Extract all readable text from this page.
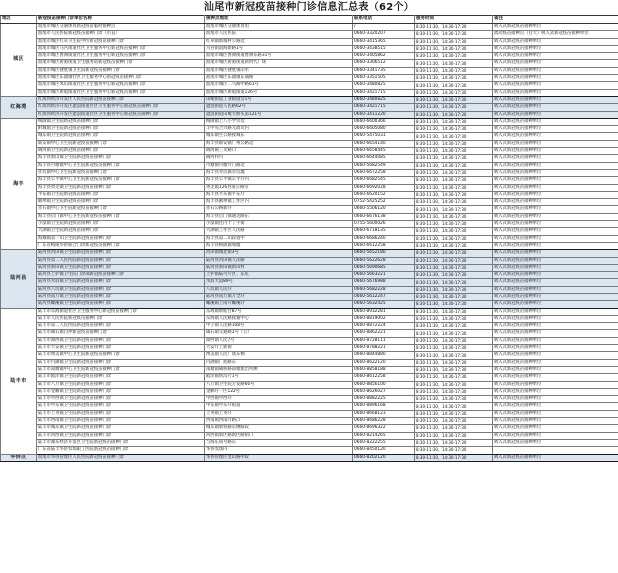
汕尾市新冠疫苗接种门诊信息汇总表（62个）
地区	新冠疫苗接种门诊单位名称	接种点地址	联系电话	服务时间	备注
城区	汕尾市城区交通体育新冠疫苗临时接种点	汕尾市城区交通体育馆	/	8:30-11:30、14:30-17:30	吸入式新冠疫苗接种单位
	汕尾市人民医院新冠疫苗接种门诊（市直）	汕尾市人民医院	0660-3320207	8:30-11:30、14:30-17:30	流动疫苗接种点（白天）吸入式新冠疫苗接种单位
	汕尾市城区红草卫生院中医新冠疫苗接种门诊	红草镇新埔村公路边	0660-3415365	8:30-11:30、14:30-17:30	吸入式新冠疫苗接种单位
	汕尾市城区马宫街道社区卫生服务中心新冠疫苗接种门诊	马宫街道海新路1号	0660-3438515	8:30-11:30、14:30-17:30	吸入式新冠疫苗接种单位
	汕尾市城区香洲街道社区卫生服务中心新冠疫苗接种门诊	汕尾市城区香洲街道香洲东路31号	0660-3405862	8:30-11:30、14:30-17:30	吸入式新冠疫苗接种单位
	汕尾市城区新港街道卫生服务站新冠疫苗接种门诊	汕尾市城区新港街道新时代广场	0660-3306512	8:30-11:30、14:30-17:30	吸入式新冠疫苗接种单位
	汕尾市城区捷胜镇卫生院新冠疫苗接种门诊	汕尾市城区捷胜镇山水	0660-3341735	8:30-11:30、14:30-17:30	吸入式新冠疫苗接种单位
	汕尾市城区东涌镇社区卫生服务中心新冠疫苗接种门诊	汕尾市城区东涌镇东涌路	0660-3351505	8:30-11:30、14:30-17:30	吸入式新冠疫苗接种单位
	汕尾市城区凤山街道社区卫生服务中心新冠疫苗接种门诊	汕尾市城区二马路中路61号	0660-3480825	8:30-11:30、14:30-17:30	吸入式新冠疫苗接种单位
	汕尾市城区新船街道社区卫生服务中心新冠疫苗接种门诊	汕尾市城区新船街道126号	0660-3421715	8:30-11:30、14:30-17:30	吸入式新冠疫苗接种单位
红海湾	红海湾经济开发区人民医院新冠疫苗接种门诊	田墘街道工业街园会1号	0660-3480825	8:30-11:30、14:30-17:30	吸入式新冠疫苗接种单位
	红海湾经济开发区遮浪街道社区卫生服务中心新冠疫苗接种门诊	遮浪街道人民路62号	0660-3421715	8:30-11:30、14:30-17:30	吸入式新冠疫苗接种单位
	红海湾经济开发区遮浪街道社区卫生服务中心新冠疫苗接种门诊	遮浪街道田墘大桥头第121号	0660-3411220	8:30-11:30、14:30-17:30	吸入式新冠疫苗接种单位
海丰	梅陇镇卫生院新冠疫苗接种门诊	梅陇镇上八小学旁边	0660-6600366	8:30-11:30、14:30-17:30	吸入式新冠疫苗接种单位
	附城镇卫生院新冠疫苗接种门诊	丰中见合兴路元政司内	0660-6605080	8:30-11:30、14:30-17:30	吸入式新冠疫苗接种单位
	城东镇卫生院新冠疫苗接种门诊	城东镇生公路接城东	0660-5475031	8:30-11:30、14:30-17:30	吸入式新冠疫苗接种单位
	联安镇中心卫生院新冠疫苗接种门诊	海丰县联安镇广州公路边	0660-6654140	8:30-11:30、14:30-17:30	吸入式新冠疫苗接种单位
	陶河镇卫生院新冠疫苗接种门诊	陶河镇三叉路口	0660-6658445	8:30-11:30、14:30-17:30	吸入式新冠疫苗接种单位
	海丰县新山镇卫生院新冠疫苗接种门诊	陶河村内	0660-6644085	8:30-11:30、14:30-17:30	吸入式新冠疫苗接种单位
	海丰县可塘镇中心卫生院新冠疫苗接种门诊	可塘镇可塘圩门路北	0660-5682549	8:30-11:30、14:30-17:30	吸入式新冠疫苗接种单位
	赤坑镇中心卫生院新冠疫苗接种门诊	海丰县赤坑镇赤坑墟	0660-6672258	8:30-11:30、14:30-17:30	吸入式新冠疫苗接种单位
	海丰县公平镇中心卫生院新冠疫苗接种门诊	海丰县公平镇公平圩内	0660-6682545	8:30-11:30、14:30-17:30	吸入式新冠疫苗接种单位
	海丰县黄羌镇卫生院新冠疫苗接种门诊	黄羌镇126县道公路旁	0660-6692028	8:30-11:30、14:30-17:30	吸入式新冠疫苗接种单位
	平东镇卫生院新冠疫苗接种门诊	海丰县平东镇平东圩	0660-6620152	8:30-11:30、14:30-17:30	吸入式新冠疫苗接种单位
	鹅埠镇卫生院新冠疫苗接种门诊	海丰县鹅埠镇工作区内	0752-5425252	8:30-11:30、14:30-17:30	吸入式新冠疫苗接种单位
	赤石镇中心卫生院新冠疫苗接种门诊	赤石公路新圩	0660-5506120	8:30-11:30、14:30-17:30	吸入式新冠疫苗接种单位
	海丰县后门镇中心卫生院新冠疫苗接种门诊	海丰县后门镇通达路东	0660-6676138	8:30-11:30、14:30-17:30	吸入式新冠疫苗接种单位
	小漠镇卫生院新冠疫苗接种门诊	小漠镇往内十丁字街	0755-5600026	8:30-11:30、14:30-17:30	吸入式新冠疫苗接种单位
	大湖镇卫生院新冠疫苗接种门诊	大湖镇工作区人民路	0660-6718135	8:30-11:30、14:30-17:30	吸入式新冠疫苗接种单位
	海城镇第一山卫生院新冠疫苗接种门诊	海丰县第二山段道中	0660-6686240	8:30-11:30、14:30-17:30	吸入式新冠疫苗接种单位
	广东省梅陇华侨联合门诊新冠疫苗接种门诊	海丰县梅陇镇埔墟	0660-6612258	8:30-11:30、14:30-17:30	吸入式新冠疫苗接种单位
陆河县	陆河县河田镇卫生院新冠疫苗接种门诊	河田镇城北街3号	0660-5652180	8:30-11:30、14:30-17:30	吸入式新冠疫苗接种单位
	陆河县第二人民医院新冠疫苗接种门诊	陆河县河田镇人民路	0660-5622628	8:30-11:30、14:30-17:30	吸入式新冠疫苗接种单位
	陆河县新田镇卫生院新冠疫苗接种门诊	陆河县新田镇新田村	0660-5690685	8:30-11:30、14:30-17:30	吸入式新冠疫苗接种单位
	陆河县上护镇卫生院门诊部新冠疫苗接种门诊	上护镇陆可片区、东坑	0660-5663221	8:30-11:30、14:30-17:30	吸入式新冠疫苗接种单位
	陆河县水唇镇卫生院新冠疫苗接种门诊	水唇大道89号	0660-5676988	8:30-11:30、14:30-17:30	吸入式新冠疫苗接种单位
	陆河县八坑镇卫生院新冠疫苗接种门诊	八坑镇人民圩	0660-5682228	8:30-11:30、14:30-17:30	吸入式新冠疫苗接种单位
	陆河县南万镇卫生院新冠疫苗接种门诊	陆河县南万镇万全圩	0660-5612247	8:30-11:30、14:30-17:30	吸入式新冠疫苗接种单位
	陆河县螺溪镇卫生院新冠疫苗接种门诊	螺溪镇上南片螺溪圩	0660-5632425	8:30-11:30、14:30-17:30	吸入式新冠疫苗接种单位
陆丰市	陆丰市东海街道社区卫生服务中心新冠疫苗接种门诊	东海镇新仙台87号	0660-8932281	8:30-11:30、14:30-17:30	吸入式新冠疫苗接种单位
	陆丰市人民医院新冠疫苗接种门诊	东海镇人民路接通中心	0660-8819002	8:30-11:30、14:30-17:30	吸入式新冠疫苗接种单位
	陆丰市第二人民医院新冠疫苗接种门诊	甲子镇人民路108号	0660-8872224	8:30-11:30、14:30-17:30	吸入式新冠疫苗接种单位
	陆丰市碣石镇白冲新冠疫苗接种门诊	碣石镇交通路1号（公）	0660-8862221	8:30-11:30、14:30-17:30	吸入式新冠疫苗接种单位
	陆丰市潭西镇卫生院新冠疫苗接种门诊	潭西镇人民7号	0660-8728111	8:30-11:30、14:30-17:30	吸入式新冠疫苗接种单位
	陆丰市大安镇卫生院新冠疫苗接种门诊	大安圩上新街	0660-8788221	8:30-11:30、14:30-17:30	吸入式新冠疫苗接种单位
	陆丰市博美镇中心卫生院新冠疫苗接种门诊	博美镇人民广场东侧	0660-8844880	8:30-11:30、14:30-17:30	吸入式新冠疫苗接种单位
	陆丰市内湖镇卫生院新冠疫苗接种门诊	内湖镇广汕路东	0660-8622120	8:30-11:30、14:30-17:30	吸入式新冠疫苗接种单位
	陆丰市南塘镇中心卫生院新冠疫苗接种门诊	南塘镇碣桥路南塘派出所侧	0660-8858188	8:30-11:30、14:30-17:30	吸入式新冠疫苗接种单位
	陆丰市陂洋镇卫生院新冠疫苗接种门诊	陂洋镇铁沟片1号	0660-8612258	8:30-11:30、14:30-17:30	吸入式新冠疫苗接种单位
	陆丰市八万镇卫生院新冠疫苗接种门诊	八万镇卫生院万安路66号	0660-8856100	8:30-11:30、14:30-17:30	吸入式新冠疫苗接种单位
	陆丰市金厢镇卫生院新冠疫苗接种门诊	金厢圩一区122号	0660-8626027	8:30-11:30、14:30-17:30	吸入式新冠疫苗接种单位
	陆丰市甲西镇卫生院新冠疫苗接种门诊	甲西镇甲西圩	0660-8882225	8:30-11:30、14:30-17:30	吸入式新冠疫苗接种单位
	陆丰市甲东镇卫生院新冠疫苗接种门诊	甲东镇甲东圩街道	0660-8896168	8:30-11:30、14:30-17:30	吸入式新冠疫苗接种单位
	陆丰市上英镇卫生院新冠疫苗接种门诊	上英镇上英圩	0660-8668123	8:30-11:30、14:30-17:30	吸入式新冠疫苗接种单位
	陆丰市西南镇卫生院新冠疫苗接种门诊	西南镇西南圩路口	0660-8686228	8:30-11:30、14:30-17:30	吸入式新冠疫苗接种单位
	陆丰市城东镇卫生院新冠疫苗接种门诊	城东镇新铁路东侧路段	0660-8696322	8:30-11:30、14:30-17:30	吸入式新冠疫苗接种单位
	陆丰市河西镇卫生院新冠疫苗接种门诊	河西镇新区路新区路街口	0660-8214265	8:30-11:30、14:30-17:30	吸入式新冠疫苗接种单位
	陆丰市湖东经济开发区卫生院新冠疫苗接种门诊	与海东南号路东	0660-8222255	8:30-11:30、14:30-17:30	吸入式新冠疫苗接种单位
	广东省陆丰华侨农场职工医院新冠疫苗接种门诊	华侨农场内	0660-8450120	8:30-11:30、14:30-17:30	
华侨区	汕尾市华侨管理区人民医院新冠疫苗接种门诊	华侨管理区奎山路中段	0660-8202120	8:30-11:30、14:30-17:30	吸入式新冠疫苗接种单位
